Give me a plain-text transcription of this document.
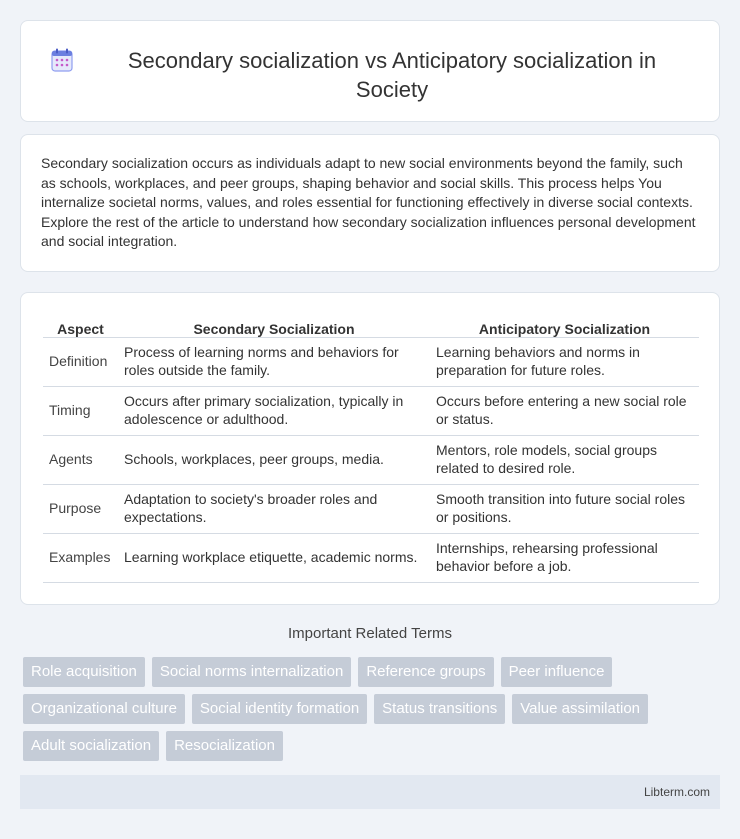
Secondary socialization vs Anticipatory socialization in Society

Secondary socialization occurs as individuals adapt to new social environments beyond the family, such as schools, workplaces, and peer groups, shaping behavior and social skills. This process helps You internalize societal norms, values, and roles essential for functioning effectively in diverse social contexts. Explore the rest of the article to understand how secondary socialization influences personal development and social integration.

Aspect	Secondary Socialization	Anticipatory Socialization
Definition	Process of learning norms and behaviors for roles outside the family.	Learning behaviors and norms in preparation for future roles.
Timing	Occurs after primary socialization, typically in adolescence or adulthood.	Occurs before entering a new social role or status.
Agents	Schools, workplaces, peer groups, media.	Mentors, role models, social groups related to desired role.
Purpose	Adaptation to society's broader roles and expectations.	Smooth transition into future social roles or positions.
Examples	Learning workplace etiquette, academic norms.	Internships, rehearsing professional behavior before a job.
Important Related Terms
Role acquisition	Social norms internalization	Reference groups	Peer influence
Organizational culture	Social identity formation	Status transitions	Value assimilation
Adult socialization	Resocialization
Libterm.com
